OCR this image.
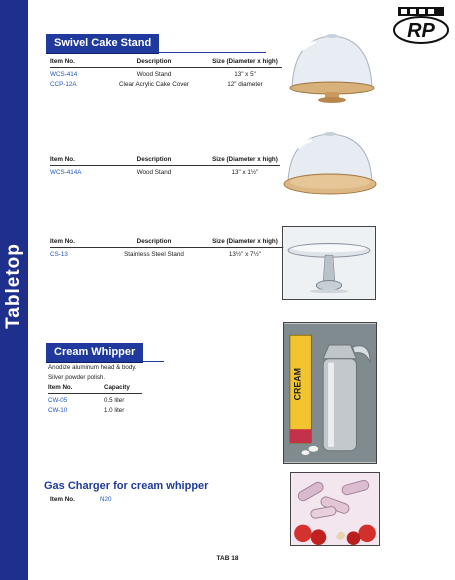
Tabletop
RP
Swivel Cake Stand
Item No.	Description	Size (Diameter x high)
WCS-414	Wood Stand	13" x 5"
CCP-12A	Clear Acrylic Cake Cover	12" diameter
Item No.	Description	Size (Diameter x high)
WCS-414A	Wood Stand	13" x 1½"
Item No.	Description	Size (Diameter x high)
CS-13	Stainless Steel Stand	13½" x 7½"
Cream Whipper
Anodize aluminum head & body.
Silver powder polish.
Item No.	Capacity
CW-05	0.5 liter
CW-10	1.0 liter
CREAM
Gas Charger for cream whipper
Item No.	N20
TAB 18
